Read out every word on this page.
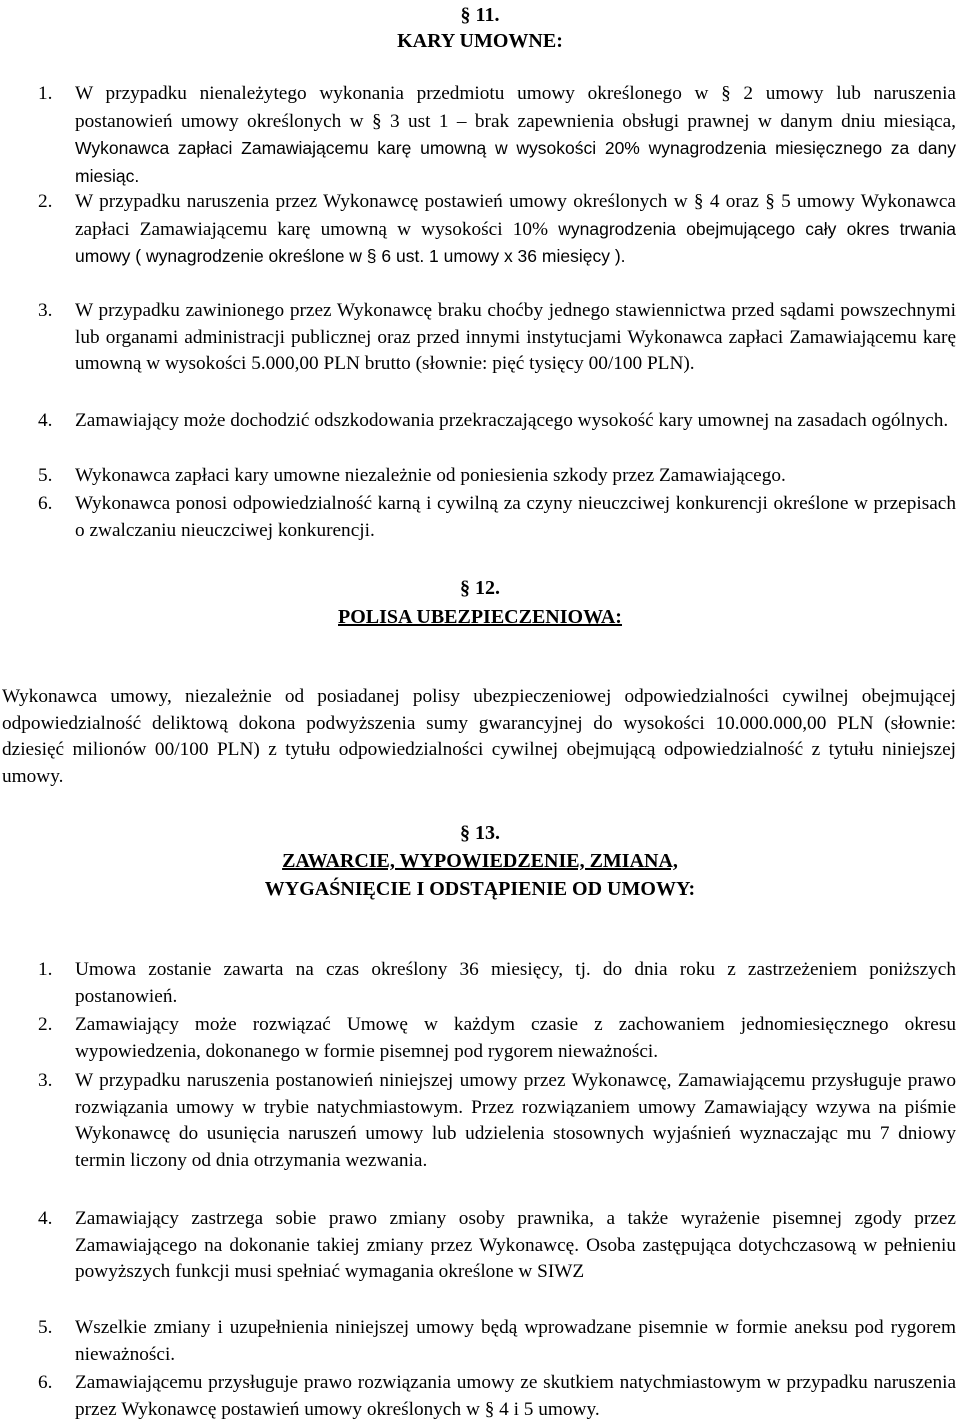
§ 11.
KARY UMOWNE:
1.	W przypadku nienależytego wykonania przedmiotu umowy określonego w § 2 umowy lub naruszenia postanowień umowy określonych w § 3 ust 1 – brak zapewnienia obsługi prawnej w danym dniu miesiąca, Wykonawca zapłaci Zamawiającemu karę umowną w wysokości 20% wynagrodzenia miesięcznego za dany miesiąc.
2.	W przypadku naruszenia przez Wykonawcę postawień umowy określonych w § 4 oraz § 5 umowy Wykonawca zapłaci Zamawiającemu karę umowną w wysokości 10% wynagrodzenia obejmującego cały okres trwania umowy ( wynagrodzenie określone w § 6 ust. 1 umowy x 36 miesięcy ).
3.	W przypadku zawinionego przez Wykonawcę braku choćby jednego stawiennictwa przed sądami powszechnymi lub organami administracji publicznej oraz przed innymi instytucjami Wykonawca zapłaci Zamawiającemu karę umowną w wysokości 5.000,00 PLN brutto (słownie: pięć tysięcy 00/100 PLN).
4.	Zamawiający może dochodzić odszkodowania przekraczającego wysokość kary umownej na zasadach ogólnych.
5.	Wykonawca zapłaci kary umowne niezależnie od poniesienia szkody przez Zamawiającego.
6.	Wykonawca ponosi odpowiedzialność karną i cywilną za czyny nieuczciwej konkurencji określone w przepisach o zwalczaniu nieuczciwej konkurencji.
§ 12.
POLISA UBEZPIECZENIOWA:
Wykonawca umowy, niezależnie od posiadanej polisy ubezpieczeniowej odpowiedzialności cywilnej obejmującej odpowiedzialność deliktową dokona podwyższenia sumy gwarancyjnej do wysokości 10.000.000,00 PLN (słownie: dziesięć milionów 00/100 PLN) z tytułu odpowiedzialności cywilnej obejmującą odpowiedzialność z tytułu niniejszej umowy.
§ 13.
ZAWARCIE, WYPOWIEDZENIE, ZMIANA,
WYGAŚNIĘCIE I ODSTĄPIENIE OD UMOWY:
1.	Umowa zostanie zawarta na czas określony 36 miesięcy, tj. do dnia roku z zastrzeżeniem poniższych postanowień.
2.	Zamawiający może rozwiązać Umowę w każdym czasie z zachowaniem jednomiesięcznego okresu wypowiedzenia, dokonanego w formie pisemnej pod rygorem nieważności.
3.	W przypadku naruszenia postanowień niniejszej umowy przez Wykonawcę, Zamawiającemu przysługuje prawo rozwiązania umowy w trybie natychmiastowym. Przez rozwiązaniem umowy Zamawiający wzywa na piśmie Wykonawcę do usunięcia naruszeń umowy lub udzielenia stosownych wyjaśnień wyznaczając mu 7 dniowy termin liczony od dnia otrzymania wezwania.
4.	Zamawiający zastrzega sobie prawo zmiany osoby prawnika, a także wyrażenie pisemnej zgody przez Zamawiającego na dokonanie takiej zmiany przez Wykonawcę. Osoba zastępująca dotychczasową w pełnieniu powyższych funkcji musi spełniać wymagania określone w SIWZ
5.	Wszelkie zmiany i uzupełnienia niniejszej umowy będą wprowadzane pisemnie w formie aneksu pod rygorem nieważności.
6.	Zamawiającemu przysługuje prawo rozwiązania umowy ze skutkiem natychmiastowym w przypadku naruszenia przez Wykonawcę postawień umowy określonych w § 4 i 5 umowy.
